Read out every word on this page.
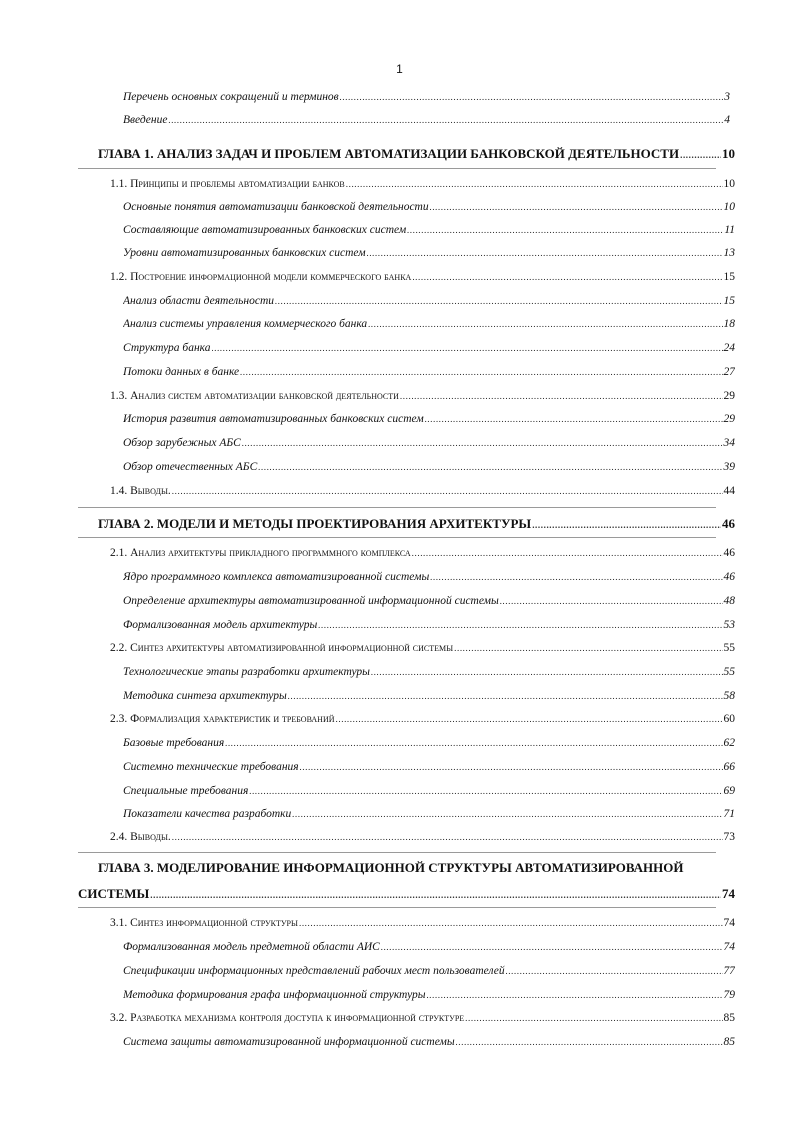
1
Перечень основных сокращений и терминов .....	3
Введение .....	4
ГЛАВА 1. АНАЛИЗ ЗАДАЧ И ПРОБЛЕМ АВТОМАТИЗАЦИИ БАНКОВСКОЙ ДЕЯТЕЛЬНОСТИ .....	10
1.1. Принципы и проблемы автоматизации банков .....	10
Основные понятия автоматизации банковской деятельности .....	10
Составляющие автоматизированных банковских систем .....	11
Уровни автоматизированных банковских систем .....	13
1.2. Построение информационной модели коммерческого банка .....	15
Анализ области деятельности .....	15
Анализ системы управления коммерческого банка .....	18
Структура банка .....	24
Потоки данных в банке .....	27
1.3. Анализ систем автоматизации банковской деятельности .....	29
История развития автоматизированных банковских систем .....	29
Обзор зарубежных АБС .....	34
Обзор отечественных АБС .....	39
1.4. Выводы. .....	44
ГЛАВА 2. МОДЕЛИ И МЕТОДЫ ПРОЕКТИРОВАНИЯ АРХИТЕКТУРЫ .....	46
2.1. Анализ архитектуры прикладного программного комплекса .....	46
Ядро программного комплекса автоматизированной системы .....	46
Определение архитектуры автоматизированной информационной системы .....	48
Формализованная модель архитектуры .....	53
2.2. Синтез архитектуры автоматизированной информационной системы .....	55
Технологические этапы разработки архитектуры .....	55
Методика синтеза архитектуры .....	58
2.3. Формализация характеристик и требований .....	60
Базовые требования .....	62
Системно технические требования .....	66
Специальные требования .....	69
Показатели качества разработки .....	71
2.4. Выводы. .....	73
ГЛАВА 3. МОДЕЛИРОВАНИЕ ИНФОРМАЦИОННОЙ СТРУКТУРЫ АВТОМАТИЗИРОВАННОЙ
СИСТЕМЫ .....	74
3.1. Синтез информационной структуры .....	74
Формализованная модель предметной области АИС .....	74
Спецификации информационных представлений рабочих мест пользователей .....	77
Методика формирования графа информационной структуры .....	79
3.2. Разработка механизма контроля доступа к информационной структуре .....	85
Система защиты автоматизированной информационной системы .....	85
